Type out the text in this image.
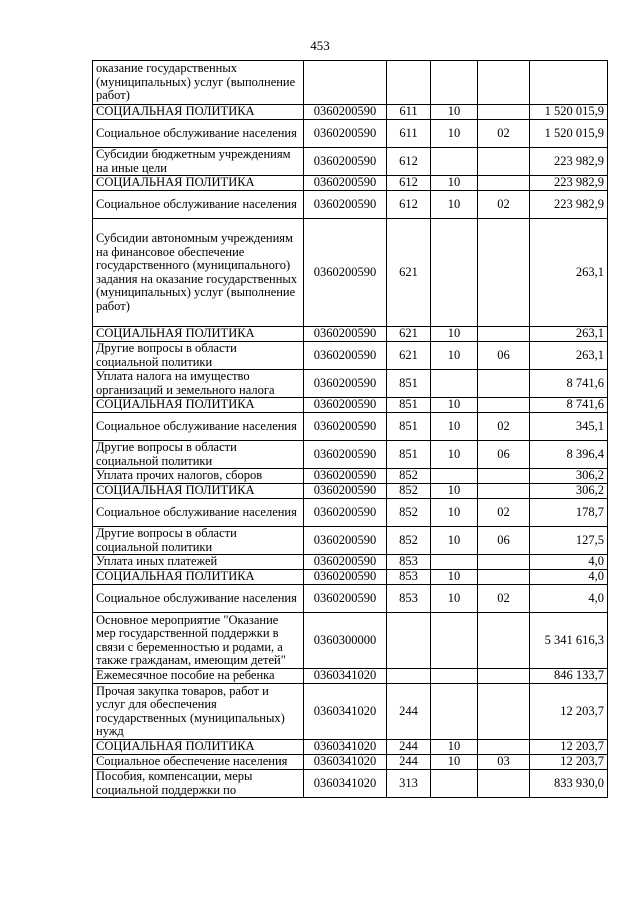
453
оказание государственных (муниципальных) услуг (выполнение работ)					
СОЦИАЛЬНАЯ ПОЛИТИКА	0360200590	611	10		1 520 015,9
Социальное обслуживание населения	0360200590	611	10	02	1 520 015,9
Субсидии бюджетным учреждениям на иные цели	0360200590	612			223 982,9
СОЦИАЛЬНАЯ ПОЛИТИКА	0360200590	612	10		223 982,9
Социальное обслуживание населения	0360200590	612	10	02	223 982,9
Субсидии автономным учреждениям на финансовое обеспечение государственного (муниципального) задания на оказание государственных (муниципальных) услуг (выполнение работ)	0360200590	621			263,1
СОЦИАЛЬНАЯ ПОЛИТИКА	0360200590	621	10		263,1
Другие вопросы в области социальной политики	0360200590	621	10	06	263,1
Уплата налога на имущество организаций и земельного налога	0360200590	851			8 741,6
СОЦИАЛЬНАЯ ПОЛИТИКА	0360200590	851	10		8 741,6
Социальное обслуживание населения	0360200590	851	10	02	345,1
Другие вопросы в области социальной политики	0360200590	851	10	06	8 396,4
Уплата прочих налогов, сборов	0360200590	852			306,2
СОЦИАЛЬНАЯ ПОЛИТИКА	0360200590	852	10		306,2
Социальное обслуживание населения	0360200590	852	10	02	178,7
Другие вопросы в области социальной политики	0360200590	852	10	06	127,5
Уплата иных платежей	0360200590	853			4,0
СОЦИАЛЬНАЯ ПОЛИТИКА	0360200590	853	10		4,0
Социальное обслуживание населения	0360200590	853	10	02	4,0
Основное мероприятие "Оказание мер государственной поддержки в связи с беременностью и родами, а также гражданам, имеющим детей"	0360300000				5 341 616,3
Ежемесячное пособие на ребенка	0360341020				846 133,7
Прочая закупка товаров, работ и услуг для обеспечения государственных (муниципальных) нужд	0360341020	244			12 203,7
СОЦИАЛЬНАЯ ПОЛИТИКА	0360341020	244	10		12 203,7
Социальное обеспечение населения	0360341020	244	10	03	12 203,7
Пособия, компенсации, меры социальной поддержки по	0360341020	313			833 930,0
